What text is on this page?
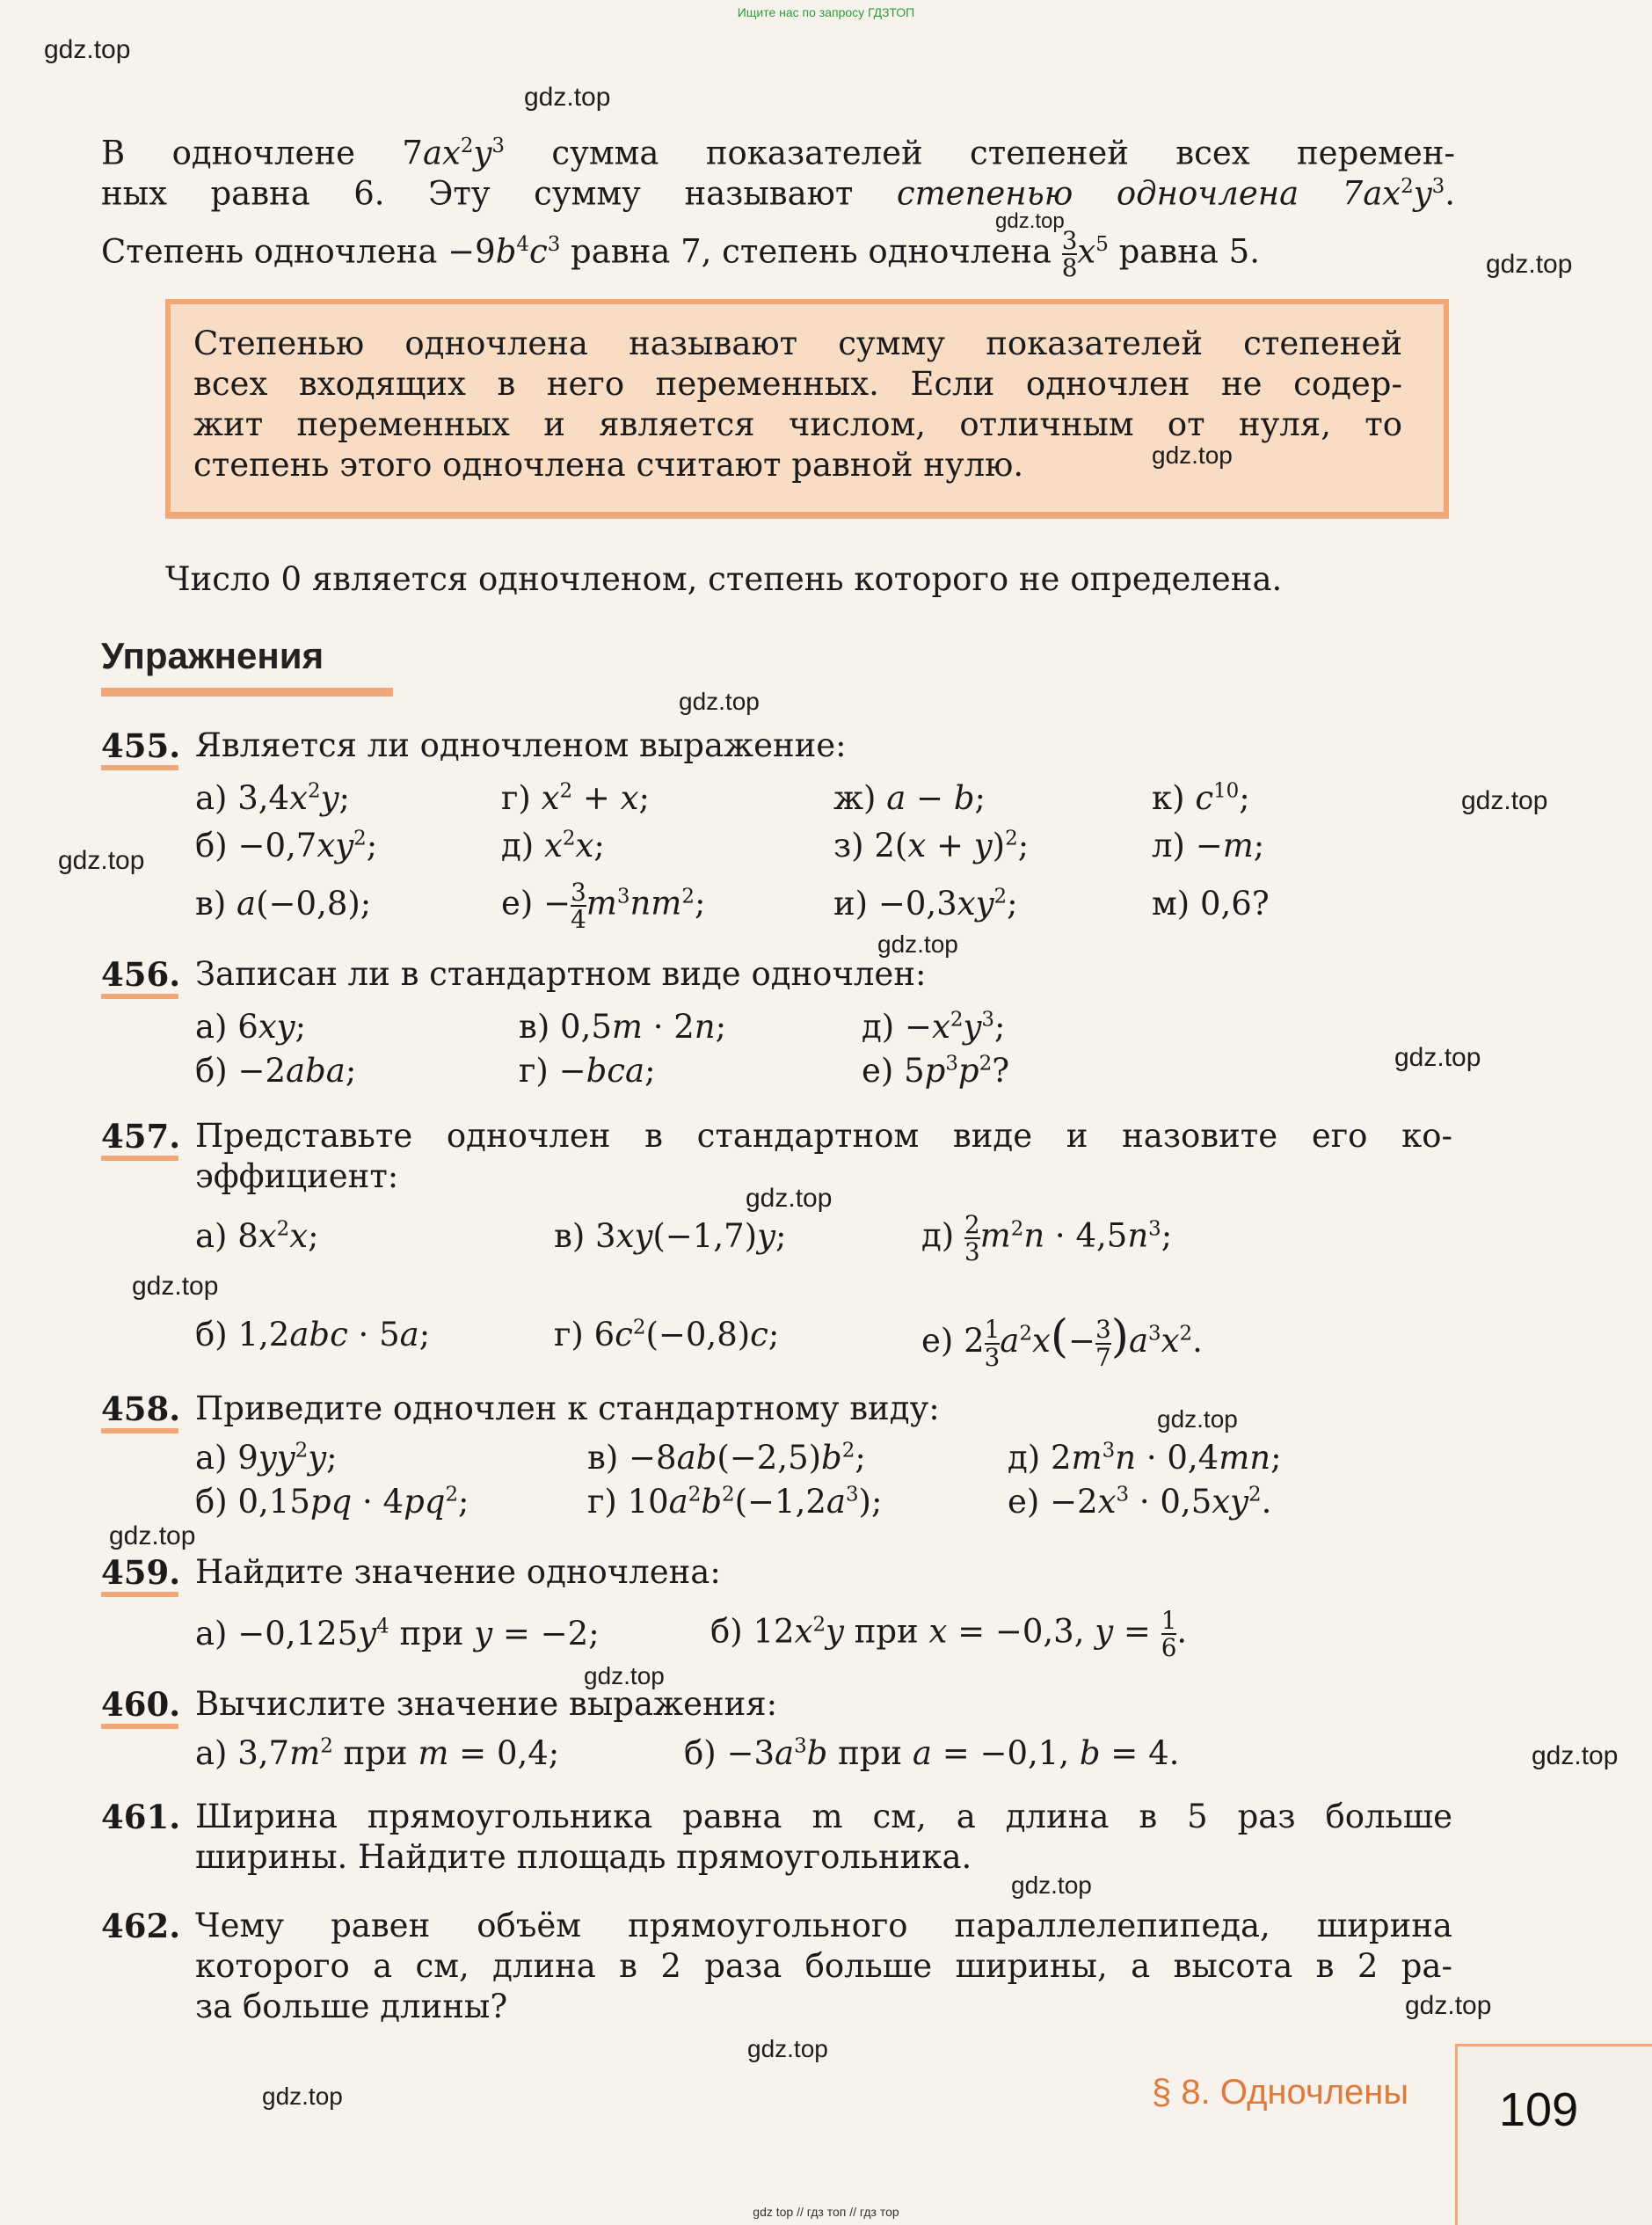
Ищите нас по запросу ГДЗТОП
В одночлене $7ax^2y^3$ сумма показателей степеней всех перемен-
ных равна 6. Эту сумму называют степенью одночлена $7ax^2y^3$.
Степень одночлена $-9b^4c^3$ равна 7, степень одночлена $\frac{3}{8} x^5$ равна 5.
Степенью одночлена называют сумму показателей степеней
всех входящих в него переменных. Если одночлен не содер-
жит переменных и является числом, отличным от нуля, то
степень этого одночлена считают равной нулю.
Число 0 является одночленом, степень которого не определена.
Упражнения
455. Является ли одночленом выражение:
а) $3,4x^2y$;	г) $x^2 + x$;	ж) a − b;	к) $c^{10}$;
$б) -0,7xy^2$;	д) $x^2x$;	з) $2(x + y)^2$;	л) −m;
в) a(−0,8);	$е) - \frac{3}{4} m^3nm^2$;	$и) -0,3xy^2$;	м) 0,6?
456. Записан ли в стандартном виде одночлен:
а) 6xy;	в) 0,5m · 2n;	$д) -x^2y^3$;
б) −2aba;	г) −bca;	е) $5p^3p^2$?
457. Представьте одночлен в стандартном виде и назовите его ко-
эффициент:
а) $8x^2x$;	в) 3xy(−1,7)y;	$д) \frac{2}{3} m^2n \cdot 4,5n^3$;
б) 1,2abc · 5a;	г) $6c^2(-0,8)c$;	е) $2 \frac{1}{3} a^2x(- \frac{3}{7} )a^3x^2$.
458. Приведите одночлен к стандартному виду:
а) $9yy^2y$;	$в) -8ab(-2,5)b^2$;	д) $2m^3n \cdot 0,4mn$;
б) $0,15pq \cdot 4pq^2$;	г) $10a^2b^2(-1,2a^3)$;	$е) -2x^3 \cdot 0,5xy^2$.
459. Найдите значение одночлена:
$а) -0,125y^4$ при y = −2;	б) $12x^2y$ при x = −0,3, $y = \frac{1}{6}$ .
460. Вычислите значение выражения:
а) $3,7m^2$ при m = 0,4;	$б) -3a^3b$ при a = −0,1, b = 4.
461. Ширина прямоугольника равна m см, а длина в 5 раз больше
ширины. Найдите площадь прямоугольника.
462. Чему равен объём прямоугольного параллелепипеда, ширина
которого a см, длина в 2 раза больше ширины, а высота в 2 ра-
за больше длины?
§ 8. Одночлены 109
gdz.top
gdz.top
gdz.top
gdz.top
gdz.top
gdz.top
gdz.top
gdz.top
gdz.top
gdz.top
gdz.top
gdz.top
gdz.top
gdz.top
gdz.top
gdz.top
gdz.top
gdz.top
gdz.top
gdz.top
gdz top // гдз топ // гдз тор
